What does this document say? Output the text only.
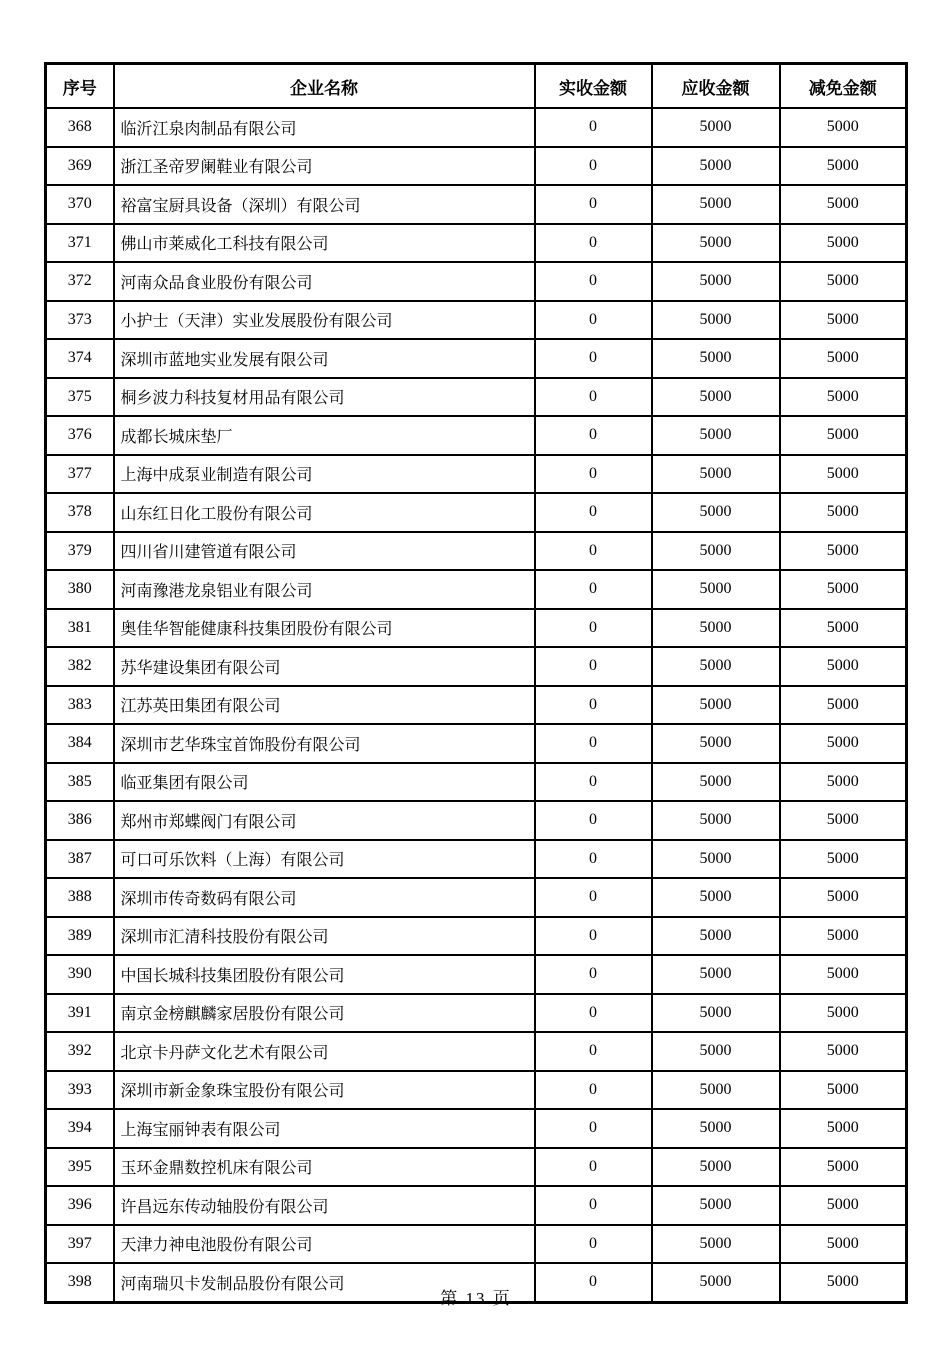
序号	企业名称	实收金额	应收金额	减免金额
368	临沂江泉肉制品有限公司	0	5000	5000
369	浙江圣帝罗阑鞋业有限公司	0	5000	5000
370	裕富宝厨具设备（深圳）有限公司	0	5000	5000
371	佛山市莱威化工科技有限公司	0	5000	5000
372	河南众品食业股份有限公司	0	5000	5000
373	小护士（天津）实业发展股份有限公司	0	5000	5000
374	深圳市蓝地实业发展有限公司	0	5000	5000
375	桐乡波力科技复材用品有限公司	0	5000	5000
376	成都长城床垫厂	0	5000	5000
377	上海中成泵业制造有限公司	0	5000	5000
378	山东红日化工股份有限公司	0	5000	5000
379	四川省川建管道有限公司	0	5000	5000
380	河南豫港龙泉铝业有限公司	0	5000	5000
381	奥佳华智能健康科技集团股份有限公司	0	5000	5000
382	苏华建设集团有限公司	0	5000	5000
383	江苏英田集团有限公司	0	5000	5000
384	深圳市艺华珠宝首饰股份有限公司	0	5000	5000
385	临亚集团有限公司	0	5000	5000
386	郑州市郑蝶阀门有限公司	0	5000	5000
387	可口可乐饮料（上海）有限公司	0	5000	5000
388	深圳市传奇数码有限公司	0	5000	5000
389	深圳市汇清科技股份有限公司	0	5000	5000
390	中国长城科技集团股份有限公司	0	5000	5000
391	南京金榜麒麟家居股份有限公司	0	5000	5000
392	北京卡丹萨文化艺术有限公司	0	5000	5000
393	深圳市新金象珠宝股份有限公司	0	5000	5000
394	上海宝丽钟表有限公司	0	5000	5000
395	玉环金鼎数控机床有限公司	0	5000	5000
396	许昌远东传动轴股份有限公司	0	5000	5000
397	天津力神电池股份有限公司	0	5000	5000
398	河南瑞贝卡发制品股份有限公司	0	5000	5000
第 13 页
